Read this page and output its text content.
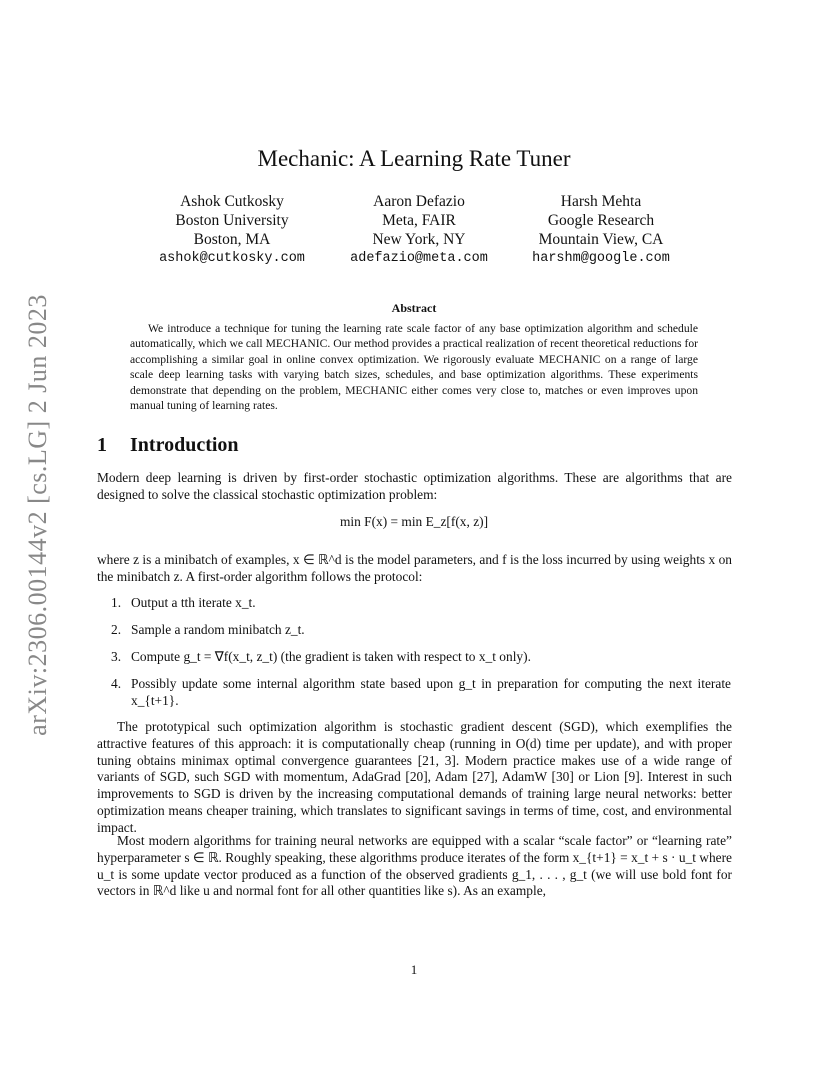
arXiv:2306.00144v2 [cs.LG] 2 Jun 2023
Mechanic: A Learning Rate Tuner
Ashok Cutkosky
Boston University
Boston, MA
ashok@cutkosky.com
Aaron Defazio
Meta, FAIR
New York, NY
adefazio@meta.com
Harsh Mehta
Google Research
Mountain View, CA
harshm@google.com
Abstract
We introduce a technique for tuning the learning rate scale factor of any base optimization algorithm and schedule automatically, which we call MECHANIC. Our method provides a practical realization of recent theoretical reductions for accomplishing a similar goal in online convex optimization. We rigorously evaluate MECHANIC on a range of large scale deep learning tasks with varying batch sizes, schedules, and base optimization algorithms. These experiments demonstrate that depending on the problem, MECHANIC either comes very close to, matches or even improves upon manual tuning of learning rates.
1 Introduction
Modern deep learning is driven by first-order stochastic optimization algorithms. These are algorithms that are designed to solve the classical stochastic optimization problem:
min F(x) = min E_z[f(x, z)]
where z is a minibatch of examples, x ∈ ℝ^d is the model parameters, and f is the loss incurred by using weights x on the minibatch z. A first-order algorithm follows the protocol:
1. Output a tth iterate x_t.
2. Sample a random minibatch z_t.
3. Compute g_t = ∇f(x_t, z_t) (the gradient is taken with respect to x_t only).
4. Possibly update some internal algorithm state based upon g_t in preparation for computing the next iterate x_{t+1}.
The prototypical such optimization algorithm is stochastic gradient descent (SGD), which exemplifies the attractive features of this approach: it is computationally cheap (running in O(d) time per update), and with proper tuning obtains minimax optimal convergence guarantees [21, 3]. Modern practice makes use of a wide range of variants of SGD, such SGD with momentum, AdaGrad [20], Adam [27], AdamW [30] or Lion [9]. Interest in such improvements to SGD is driven by the increasing computational demands of training large neural networks: better optimization means cheaper training, which translates to significant savings in terms of time, cost, and environmental impact.
Most modern algorithms for training neural networks are equipped with a scalar “scale factor” or “learning rate” hyperparameter s ∈ ℝ. Roughly speaking, these algorithms produce iterates of the form x_{t+1} = x_t + s · u_t where u_t is some update vector produced as a function of the observed gradients g_1, . . . , g_t (we will use bold font for vectors in ℝ^d like u and normal font for all other quantities like s). As an example,
1
